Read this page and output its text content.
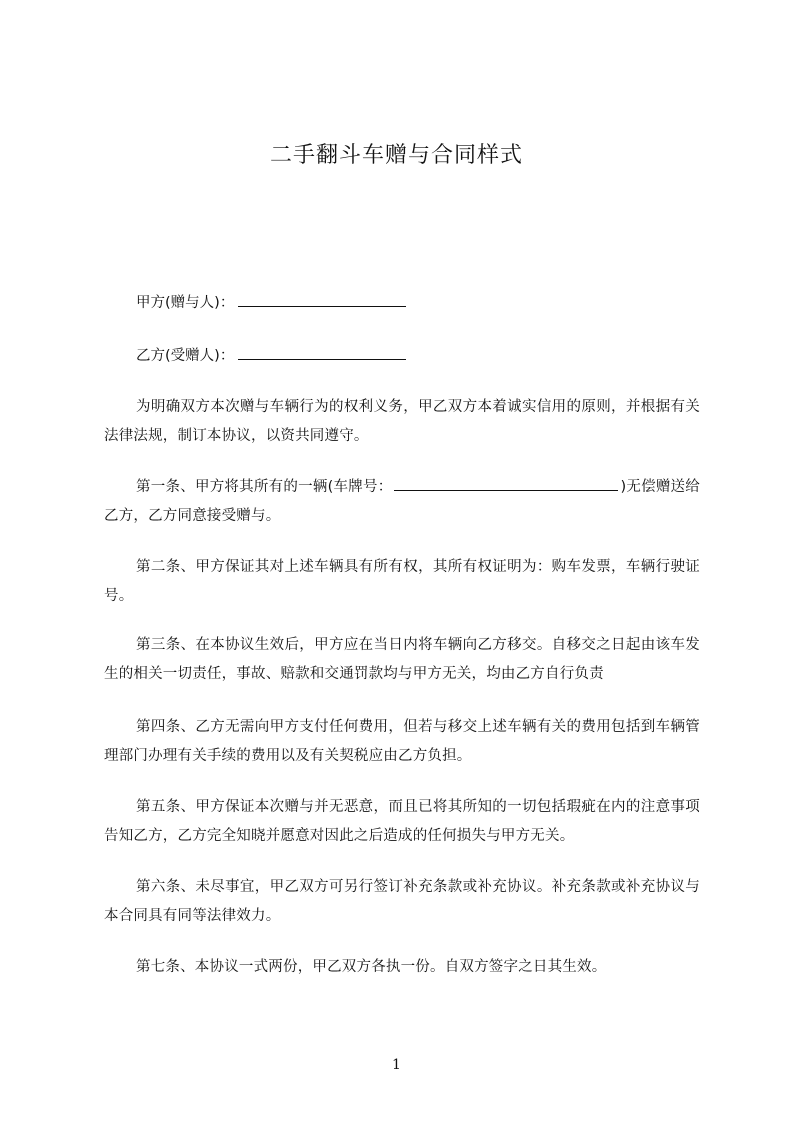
二手翻斗车赠与合同样式
甲方(赠与人)：
乙方(受赠人)：
为明确双方本次赠与车辆行为的权利义务，甲乙双方本着诚实信用的原则，并根据有关法律法规，制订本协议，以资共同遵守。
第一条、甲方将其所有的一辆(车牌号：	)无偿赠送给乙方，乙方同意接受赠与。
第二条、甲方保证其对上述车辆具有所有权，其所有权证明为：购车发票，车辆行驶证号。
第三条、在本协议生效后，甲方应在当日内将车辆向乙方移交。自移交之日起由该车发生的相关一切责任，事故、赔款和交通罚款均与甲方无关，均由乙方自行负责
第四条、乙方无需向甲方支付任何费用，但若与移交上述车辆有关的费用包括到车辆管理部门办理有关手续的费用以及有关契税应由乙方负担。
第五条、甲方保证本次赠与并无恶意，而且已将其所知的一切包括瑕疵在内的注意事项告知乙方，乙方完全知晓并愿意对因此之后造成的任何损失与甲方无关。
第六条、未尽事宜，甲乙双方可另行签订补充条款或补充协议。补充条款或补充协议与本合同具有同等法律效力。
第七条、本协议一式两份，甲乙双方各执一份。自双方签字之日其生效。
1
